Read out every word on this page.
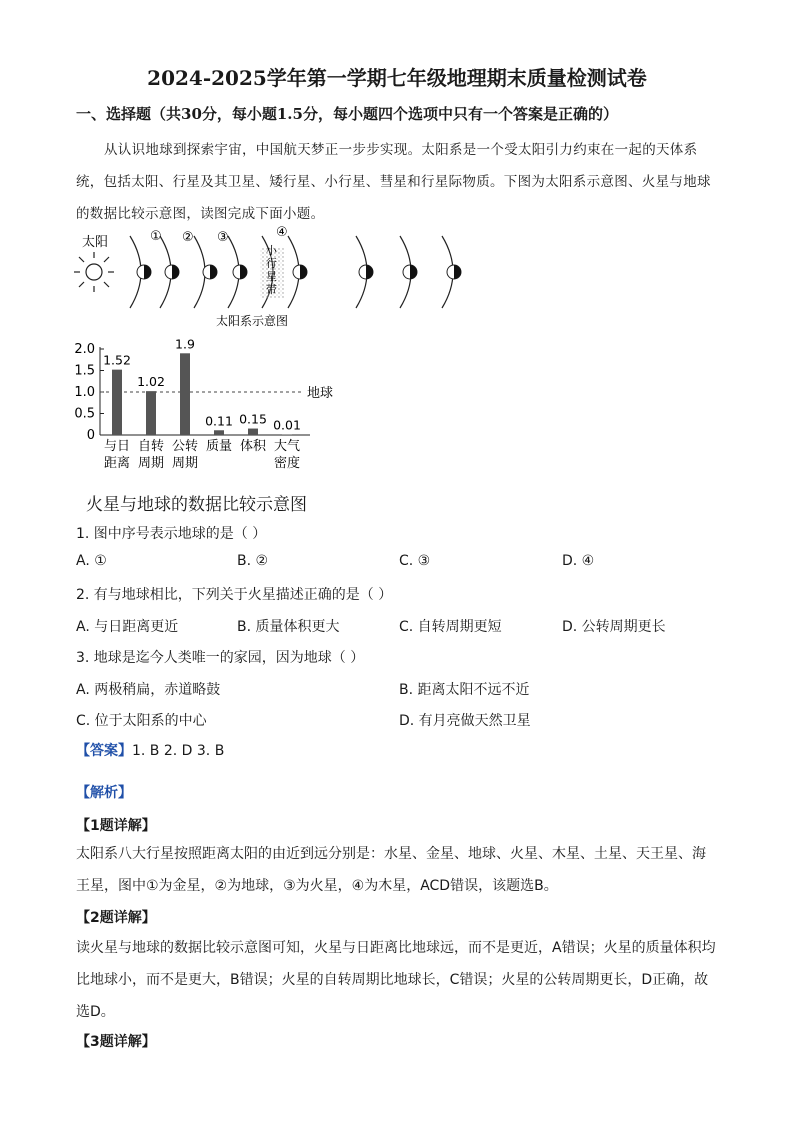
2024-2025学年第一学期七年级地理期末质量检测试卷
一、选择题（共30分，每小题1.5分，每小题四个选项中只有一个答案是正确的）
从认识地球到探索宇宙，中国航天梦正一步步实现。太阳系是一个受太阳引力约束在一起的天体系统，包括太阳、行星及其卫星、矮行星、小行星、彗星和行星际物质。下图为太阳系示意图、火星与地球的数据比较示意图，读图完成下面小题。
太阳
小
行
星
带
① ② ③	④
太阳系示意图
0
0.5
1.0
1.5
2.0
地球
1.52
与日
距离
1.02
自转
周期
1.9
公转
周期
0.11
质量
0.15
体积
0.01
大气
密度
火星与地球的数据比较示意图
1. 图中序号表示地球的是（ ）
A. ①	B. ②	C. ③	D. ④
2. 有与地球相比，下列关于火星描述正确的是（ ）
A. 与日距离更近	B. 质量体积更大	C. 自转周期更短	D. 公转周期更长
3. 地球是迄今人类唯一的家园，因为地球（ ）
A. 两极稍扁，赤道略鼓	B. 距离太阳不远不近
C. 位于太阳系的中心	D. 有月亮做天然卫星
【答案】1. B 2. D 3. B
【解析】
【1题详解】
太阳系八大行星按照距离太阳的由近到远分别是：水星、金星、地球、火星、木星、土星、天王星、海王星，图中①为金星，②为地球，③为火星，④为木星，ACD错误，该题选B。
【2题详解】
读火星与地球的数据比较示意图可知，火星与日距离比地球远，而不是更近，A错误；火星的质量体积均比地球小，而不是更大，B错误；火星的自转周期比地球长，C错误；火星的公转周期更长，D正确，故选D。
【3题详解】
